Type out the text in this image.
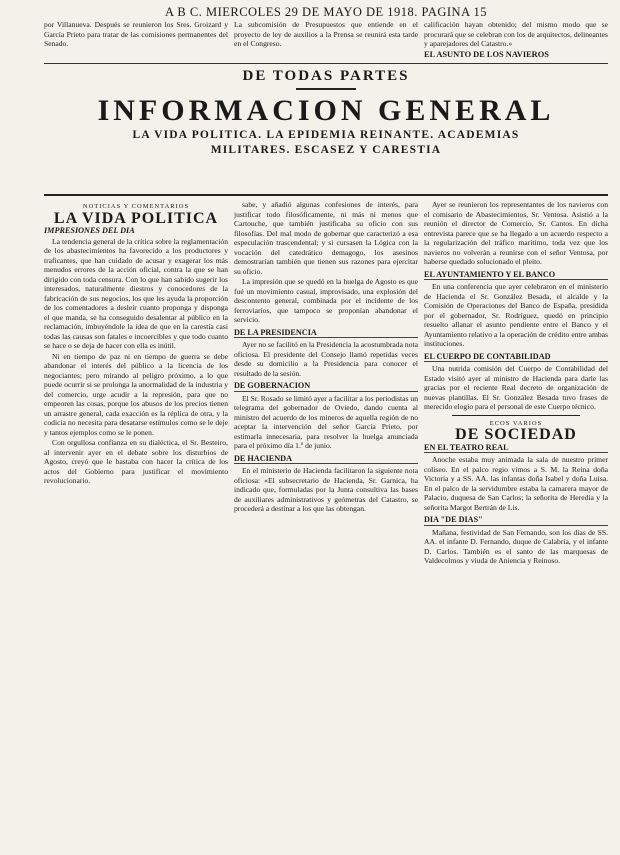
A B C. MIERCOLES 29 DE MAYO DE 1918. PAGINA 15
por Villanueva. Después se reunieron los Sres. Groizard y García Prieto para tratar de las comisiones permanentes del Senado.
La subcomisión de Presupuestos que entiende en el proyecto de ley de auxilios a la Prensa se reunirá esta tarde en el Congreso.
calificación hayan obtenido; del mismo modo que se procurará que se celebran con los de arquitectos, delineantes y aparejadores del Catastro.»
EL ASUNTO DE LOS NAVIEROS
DE TODAS PARTES
INFORMACION GENERAL
LA VIDA POLITICA. LA EPIDEMIA REINANTE. ACADEMIAS
MILITARES. ESCASEZ Y CARESTIA
NOTICIAS Y COMENTARIOS
LA VIDA POLITICA
IMPRESIONES DEL DIA

La tendencia general de la crítica sobre la reglamentación de los abastecimientos ha favorecido a los productores y traficantes, que han cuidado de acusar y exagerar los más menudos errores de la acción oficial, contra la que se han dirigido con toda censura. Con lo que han sabido sugerir los interesados, naturalmente diestros y conocedores de la fabricación de sus negocios, los que les ayuda la proporción de los comentadores a desleír cuanto proponga y disponga el que manda, se ha conseguido desalentar al público en la reclamación, imbuyéndole la idea de que en la carestía casi todas las causas son fatales e incoercibles y que todo cuanto se hace o se deja de hacer con ella es inútil.

Ni en tiempo de paz ni en tiempo de guerra se debe abandonar el interés del público a la licencia de los negociantes; pero mirando al peligro próximo, a lo que puede ocurrir si se prolonga la anormalidad de la industria y del comercio, urge acudir a la represión, para que no empeoren las cosas, porque los abusos de los precios tienen un arrastre general, cada exacción es la réplica de otra, y la codicia no necesita para desatarse estímulos como se le deje y tantos ejemplos como se le ponen.

Con orgullosa confianza en su dialéctica, el Sr. Besteiro, al intervenir ayer en el debate sobre los disturbios de Agosto, creyó que le bastaba con hacer la crítica de los actos del Gobierno para justificar el movimiento revolucionario.

sabe, y añadió algunas confesiones de interés, para justificar todo filosóficamente, ni más ni menos que Cartouche, que también justificaba su oficio con sus filosofías. Del mal modo de gobernar que caracterizó a esa especulación trascendental; y si cursasen la Lógica con la vocación del catedrático demagogo, los asesinos demostrarían también que tienen sus razones para ejercitar su oficio.

La impresión que se quedó en la huelga de Agosto es que fué un movimiento casual, improvisado, una explosión del descontento general, combinada por el incidente de los ferroviarios, que tampoco se proponían abandonar el servicio.

DE LA PRESIDENCIA

Ayer no se facilitó en la Presidencia la acostumbrada nota oficiosa. El presidente del Consejo llamó repetidas veces desde su domicilio a la Presidencia para conocer el resultado de la sesión.

DE GOBERNACION

El Sr. Rosado se limitó ayer a facilitar a los periodistas un telegrama del gobernador de Oviedo, dando cuenta al ministro del acuerdo de los mineros de aquella región de no aceptar la intervención del señor García Prieto, por estimarla innecesaria, para resolver la huelga anunciada para el próximo día 1.º de junio.

DE HACIENDA

En el ministerio de Hacienda facilitaron la siguiente nota oficiosa: «El subsecretario de Hacienda, Sr. Garnica, ha indicado que, formuladas por la Junta consultiva las bases de auxiliares administrativos y geómetras del Catastro, se procederá a destinar a los que las obtengan.

Ayer se reunieron los representantes de los navieros con el comisario de Abastecimientos, Sr. Ventosa. Asistió a la reunión el director de Comercio, Sr. Cantos. En dicha entrevista parece que se ha llegado a un acuerdo respecto a la regularización del tráfico marítimo, toda vez que los navieros no volverán a reunirse con el señor Ventosa, por haberse quedado solucionado el pleito.

EL AYUNTAMIENTO Y EL BANCO

En una conferencia que ayer celebraron en el ministerio de Hacienda el Sr. González Besada, el alcalde y la Comisión de Operaciones del Banco de España, presidida por el gobernador, Sr. Rodríguez, quedó en principio resuelto allanar el asunto pendiente entre el Banco y el Ayuntamiento relativo a la operación de crédito entre ambas instituciones.

EL CUERPO DE CONTABILIDAD

Una nutrida comisión del Cuerpo de Contabilidad del Estado visitó ayer al ministro de Hacienda para darle las gracias por el reciente Real decreto de organización de nuevas plantillas. El Sr. González Besada tuvo frases de merecido elogio para el personal de este Cuerpo técnico.

ECOS VARIOS
DE SOCIEDAD
EN EL TEATRO REAL

Anoche estaba muy animada la sala de nuestro primer coliseo. En el palco regio vimos a S. M. la Reina doña Victoria y a SS. AA. las infantas doña Isabel y doña Luisa. En el palco de la servidumbre estaba la camarera mayor de Palacio, duquesa de San Carlos; la señorita de Heredia y la señorita Margot Bertrán de Lis.

DIA "DE DIAS"

Mañana, festividad de San Fernando, son los días de SS. AA. el infante D. Fernando, duque de Calabria, y el infante D. Carlos. También es el santo de las marquesas de Valdecolmos y viuda de Aniencia y Reinoso.
